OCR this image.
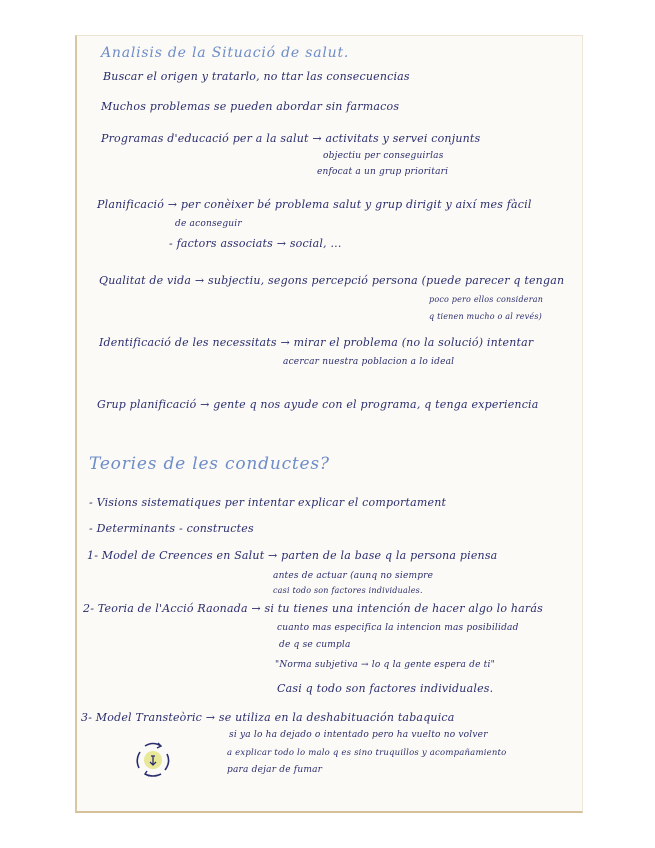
Analisis de la Situació de salut.
Buscar el origen y tratarlo, no ttar las consecuencias
Muchos problemas se pueden abordar sin farmacos
Programas d'educació per a la salut → activitats y servei conjunts
objectiu per conseguirlas
enfocat a un grup prioritari
Planificació → per conèixer bé problema salut y grup dirigit y així mes fàcil
de aconseguir
- factors associats → social, ...
Qualitat de vida → subjectiu, segons percepció persona (puede parecer q tengan
poco pero ellos consideran
q tienen mucho o al revés)
Identificació de les necessitats → mirar el problema (no la solució) intentar
acercar nuestra poblacion a lo ideal
Grup planificació → gente q nos ayude con el programa, q tenga experiencia
Teories de les conductes?
- Visions sistematiques per intentar explicar el comportament
- Determinants - constructes
1- Model de Creences en Salut → parten de la base q la persona piensa
antes de actuar (aunq no siempre
casi todo son factores individuales.
2- Teoria de l'Acció Raonada → si tu tienes una intención de hacer algo lo harás
cuanto mas especifica la intencion mas posibilidad
de q se cumpla
"Norma subjetiva → lo q la gente espera de ti"
Casi q todo son factores individuales.
3- Model Transteòric → se utiliza en la deshabituación tabaquica
si ya lo ha dejado o intentado pero ha vuelto no volver
a explicar todo lo malo q es sino truquillos y acompañamiento
para dejar de fumar
